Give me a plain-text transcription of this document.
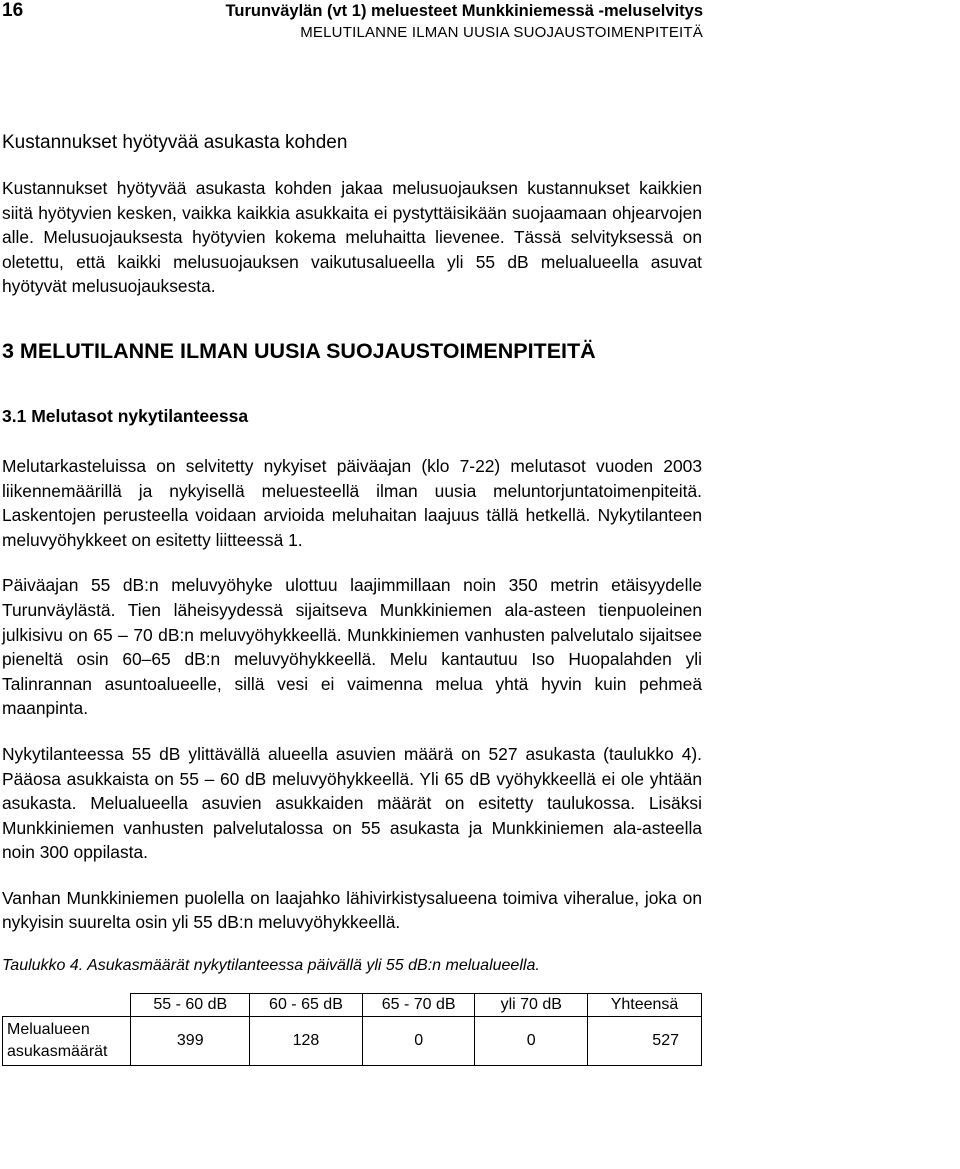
16	Turunväylän (vt 1) meluesteet Munkkiniemessä -meluselvitys
MELUTILANNE ILMAN UUSIA SUOJAUSTOIMENPITEITÄ
Kustannukset hyötyvää asukasta kohden

Kustannukset hyötyvää asukasta kohden jakaa melusuojauksen kustannukset kaikkien siitä hyötyvien kesken, vaikka kaikkia asukkaita ei pystyttäisikään suojaamaan ohjearvojen alle. Melusuojauksesta hyötyvien kokema meluhaitta lievenee. Tässä selvityksessä on oletettu, että kaikki melusuojauksen vaikutusalueella yli 55 dB melualueella asuvat hyötyvät melusuojauksesta.

3 MELUTILANNE ILMAN UUSIA SUOJAUSTOIMENPITEITÄ
3.1 Melutasot nykytilanteessa

Melutarkasteluissa on selvitetty nykyiset päiväajan (klo 7-22) melutasot vuoden 2003 liikennemäärillä ja nykyisellä meluesteellä ilman uusia meluntorjuntatoimenpiteitä. Laskentojen perusteella voidaan arvioida meluhaitan laajuus tällä hetkellä. Nykytilanteen meluvyöhykkeet on esitetty liitteessä 1.

Päiväajan 55 dB:n meluvyöhyke ulottuu laajimmillaan noin 350 metrin etäisyydelle Turunväylästä. Tien läheisyydessä sijaitseva Munkkiniemen ala-asteen tienpuoleinen julkisivu on 65 – 70 dB:n meluvyöhykkeellä. Munkkiniemen vanhusten palvelutalo sijaitsee pieneltä osin 60–65 dB:n meluvyöhykkeellä. Melu kantautuu Iso Huopalahden yli Talinrannan asuntoalueelle, sillä vesi ei vaimenna melua yhtä hyvin kuin pehmeä maanpinta.

Nykytilanteessa 55 dB ylittävällä alueella asuvien määrä on 527 asukasta (taulukko 4). Pääosa asukkaista on 55 – 60 dB meluvyöhykkeellä. Yli 65 dB vyöhykkeellä ei ole yhtään asukasta. Melualueella asuvien asukkaiden määrät on esitetty taulukossa. Lisäksi Munkkiniemen vanhusten palvelutalossa on 55 asukasta ja Munkkiniemen ala-asteella noin 300 oppilasta.

Vanhan Munkkiniemen puolella on laajahko lähivirkistysalueena toimiva viheralue, joka on nykyisin suurelta osin yli 55 dB:n meluvyöhykkeellä.

Taulukko 4. Asukasmäärät nykytilanteessa päivällä yli 55 dB:n melualueella.
	55 - 60 dB	60 - 65 dB	65 - 70 dB	yli 70 dB	Yhteensä
Melualueen asukasmäärät	399	128	0	0	527
